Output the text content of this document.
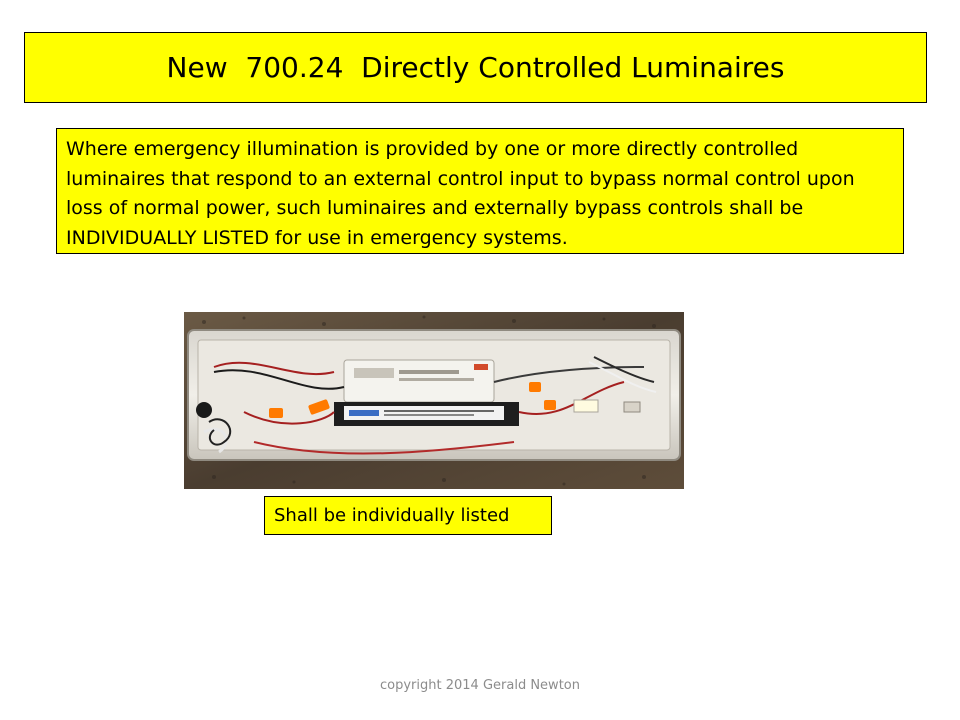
New  700.24  Directly Controlled Luminaires
Where emergency illumination is provided by one or more directly controlled luminaires that respond to an external control input to bypass normal control upon loss of normal power, such luminaires and externally bypass controls shall be INDIVIDUALLY LISTED for use in emergency systems.
Shall be individually listed
copyright 2014 Gerald Newton
